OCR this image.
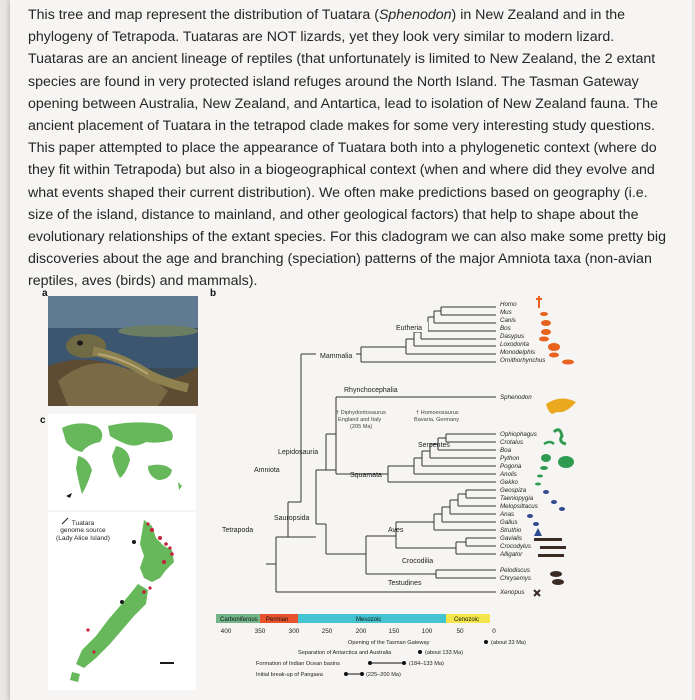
This tree and map represent the distribution of Tuatara (Sphenodon) in New Zealand and in the phylogeny of Tetrapoda. Tuataras are NOT lizards, yet they look very similar to modern lizard. Tuataras are an ancient lineage of reptiles (that unfortunately is limited to New Zealand, the 2 extant species are found in very protected island refuges around the North Island. The Tasman Gateway opening between Australia, New Zealand, and Antartica, lead to isolation of New Zealand fauna. The ancient placement of Tuatara in the tetrapod clade makes for some very interesting study questions. This paper attempted to place the appearance of Tuatara both into a phylogenetic context (where do they fit within Tetrapoda) but also in a biogeographical context (when and where did they evolve and what events shaped their current distribution). We often make predictions based on geography (i.e. size of the island, distance to mainland, and other geological factors) that help to shape about the evolutionary relationships of the extant species. For this cladogram we can also make some pretty big discoveries about the age and branching (speciation) patterns of the major Amniota taxa (non-avian reptiles, aves (birds) and mammals).

a	b
c
Tuatara
genome source
(Lady Alice Island)
Eutheria
Mammalia
Rhynchocephalia
Lepidosauria
Amniota
Serpentes
Squamata
Sauropsida
Tetrapoda	Aves
Crocodilia
Testudines
† Diphydontosaurus
England and Italy
(205 Ma)
† Homoeosaurus
Bavaria, Germany
Homo
Mus
Canis
Bos
Dasypus
Loxodonta
Monodelphis
Ornithorhynchus
Sphenodon
Ophiophagus
Crotalus
Boa
Python
Pogona
Anolis
Gekko
Geospiza
Taeniopygia
Melopsittacus
Anas
Gallus
Struthio
Gavialis
Crocodylus
Alligator
Pelodiscus
Chrysemys
Xenopus
Carboniferous Permian	Mesozoic	Cenozoic
400	350	300	250	200	150	100	50	0
Opening of the Tasman Gateway	(about 33 Ma)
Separation of Antarctica and Australia	(about 133 Ma)
Formation of Indian Ocean basins	(184–133 Ma)
Initial break-up of Pangaea	(225–200 Ma)
